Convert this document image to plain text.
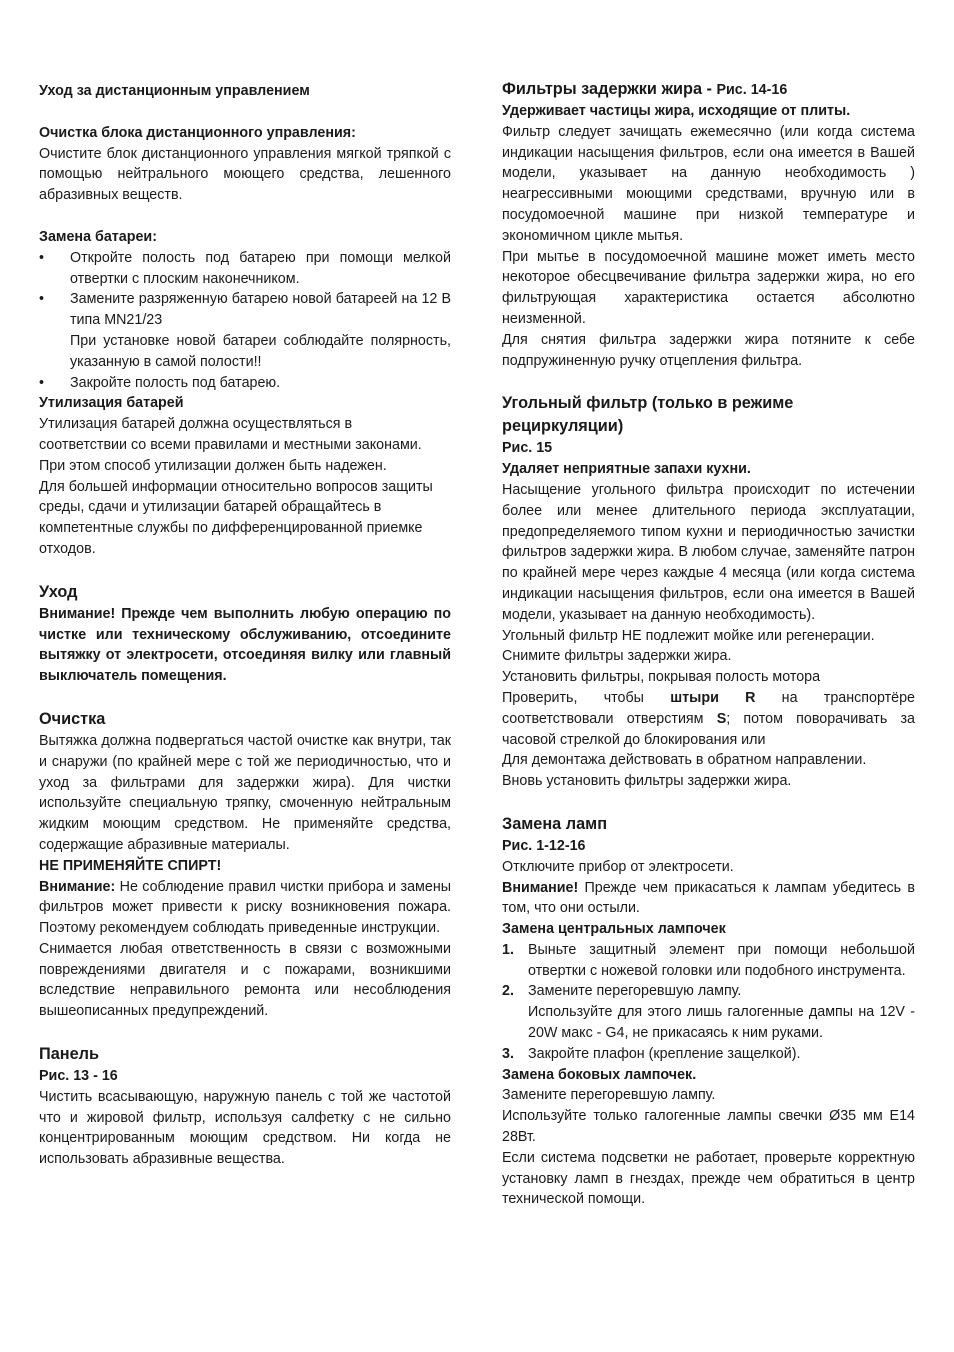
Уход за дистанционным управлением

Очистка блока дистанционного управления:

Очистите блок дистанционного управления мягкой тряпкой с помощью нейтрального моющего средства, лешенного абразивных веществ.

Замена батареи:

• Откройте полость под батарею при помощи мелкой отвертки с плоским наконечником.
• Замените разряженную батарею новой батареей на 12 В типа MN21/23
При установке новой батареи соблюдайте полярность, указанную в самой полости!!
• Закройте полость под батарею.

Утилизация батарей

Утилизация батарей должна осуществляться в

соответствии со всеми правилами и местными законами.

При этом способ утилизации должен быть надежен.

Для большей информации относительно вопросов защиты

среды, сдачи и утилизации батарей обращайтесь в

компетентные службы по дифференцированной приемке

отходов.

Уход

Внимание! Прежде чем выполнить любую операцию по чистке или техническому обслуживанию, отсоедините вытяжку от электросети, отсоединяя вилку или главный выключатель помещения.

Очистка

Вытяжка должна подвергаться частой очистке как внутри, так и снаружи (по крайней мере с той же периодичностью, что и уход за фильтрами для задержки жира). Для чистки используйте специальную тряпку, смоченную нейтральным жидким моющим средством. Не применяйте средства, содержащие абразивные материалы.

НЕ ПРИМЕНЯЙТЕ СПИРТ!

Внимание: Не соблюдение правил чистки прибора и замены фильтров может привести к риску возникновения пожара. Поэтому рекомендуем соблюдать приведенные инструкции.

Снимается любая ответственность в связи с возможными повреждениями двигателя и с пожарами, возникшими вследствие неправильного ремонта или несоблюдения вышеописанных предупреждений.

Панель

Рис. 13 - 16

Чистить всасывающую, наружную панель с той же частотой что и жировой фильтр, используя салфетку с не сильно концентрированным моющим средством. Ни когда не использовать абразивные вещества.

Фильтры задержки жира - Рис. 14-16

Удерживает частицы жира, исходящие от плиты.

Фильтр следует зачищать ежемесячно (или когда система индикации насыщения фильтров, если она имеется в Вашей модели, указывает на данную необходимость ) неагрессивными моющими средствами, вручную или в посудомоечной машине при низкой температуре и экономичном цикле мытья.

При мытье в посудомоечной машине может иметь место некоторое обесцвечивание фильтра задержки жира, но его фильтрующая характеристика остается абсолютно неизменной.

Для снятия фильтра задержки жира потяните к себе подпружиненную ручку отцепления фильтра.

Угольный фильтр (только в режиме рециркуляции)

Рис. 15

Удаляет неприятные запахи кухни.

Насыщение угольного фильтра происходит по истечении более или менее длительного периода эксплуатации, предопределяемого типом кухни и периодичностью зачистки фильтров задержки жира. В любом случае, заменяйте патрон по крайней мере через каждые 4 месяца (или когда система индикации насыщения фильтров, если она имеется в Вашей модели, указывает на данную необходимость).

Угольный фильтр НЕ подлежит мойке или регенерации.

Снимите фильтры задержки жира.

Установить фильтры, покрывая полость мотора

Проверить, чтобы штыри R на транспортёре соответствовали отверстиям S; потом поворачивать за часовой стрелкой до блокирования или

Для демонтажа действовать в обратном направлении.

Вновь установить фильтры задержки жира.

Замена ламп

Рис. 1-12-16

Отключите прибор от электросети.

Внимание! Прежде чем прикасаться к лампам убедитесь в том, что они остыли.

Замена центральных лампочек

1. Выньте защитный элемент при помощи небольшой отвертки с ножевой головки или подобного инструмента.
2. Замените перегоревшую лампу.
Используйте для этого лишь галогенные дампы на 12V - 20W макс - G4, не прикасаясь к ним руками.
3. Закройте плафон (крепление защелкой).

Замена боковых лампочек.

Замените перегоревшую лампу.

Используйте только галогенные лампы свечки Ø35 мм Е14 28Вт.

Если система подсветки не работает, проверьте корректную установку ламп в гнездах, прежде чем обратиться в центр технической помощи.
